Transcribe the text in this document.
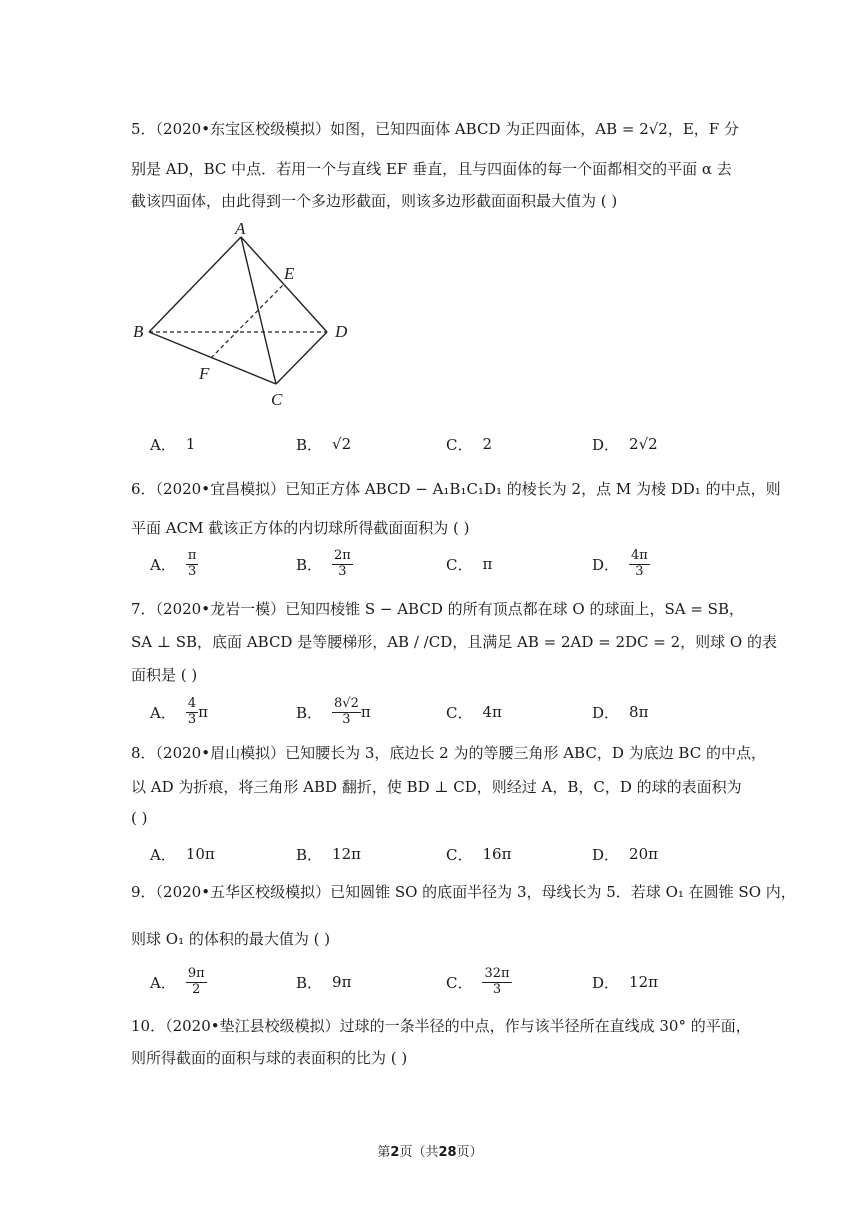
5．（2020•东宝区校级模拟）如图，已知四面体 ABCD 为正四面体，AB = 2√2，E，F 分
别是 AD，BC 中点．若用一个与直线 EF 垂直，且与四面体的每一个面都相交的平面 α 去
截该四面体，由此得到一个多边形截面，则该多边形截面面积最大值为 ( )
A
B
C
D
E
F
A． 1	B． √2	C． 2	D． 2√2
6．（2020•宜昌模拟）已知正方体 ABCD − A₁B₁C₁D₁ 的棱长为 2，点 M 为棱 DD₁ 的中点，则
平面 ACM 截该正方体的内切球所得截面面积为 ( )
A． $\frac{\pi}{3}$	B． $\frac{2\pi}{3}$	C． π	D． $\frac{4\pi}{3}$
7．（2020•龙岩一模）已知四棱锥 S − ABCD 的所有顶点都在球 O 的球面上，SA = SB，
SA ⊥ SB，底面 ABCD 是等腰梯形，AB / /CD，且满足 AB = 2AD = 2DC = 2，则球 O 的表
面积是 ( )
A． $\frac{4}{3}$ π	B． $\frac{8√2}{3}$ π	C． 4π	D． 8π
8．（2020•眉山模拟）已知腰长为 3，底边长 2 为的等腰三角形 ABC，D 为底边 BC 的中点，
以 AD 为折痕，将三角形 ABD 翻折，使 BD ⊥ CD，则经过 A，B，C，D 的球的表面积为
( )
A． 10π	B． 12π	C． 16π	D． 20π
9．（2020•五华区校级模拟）已知圆锥 SO 的底面半径为 3，母线长为 5．若球 O₁ 在圆锥 SO 内，
则球 O₁ 的体积的最大值为 ( )
A． $\frac{9\pi}{2}$	B． 9π	C． $\frac{32\pi}{3}$	D． 12π
10．（2020•垫江县校级模拟）过球的一条半径的中点，作与该半径所在直线成 30° 的平面，
则所得截面的面积与球的表面积的比为 ( )
第2页（共28页）
